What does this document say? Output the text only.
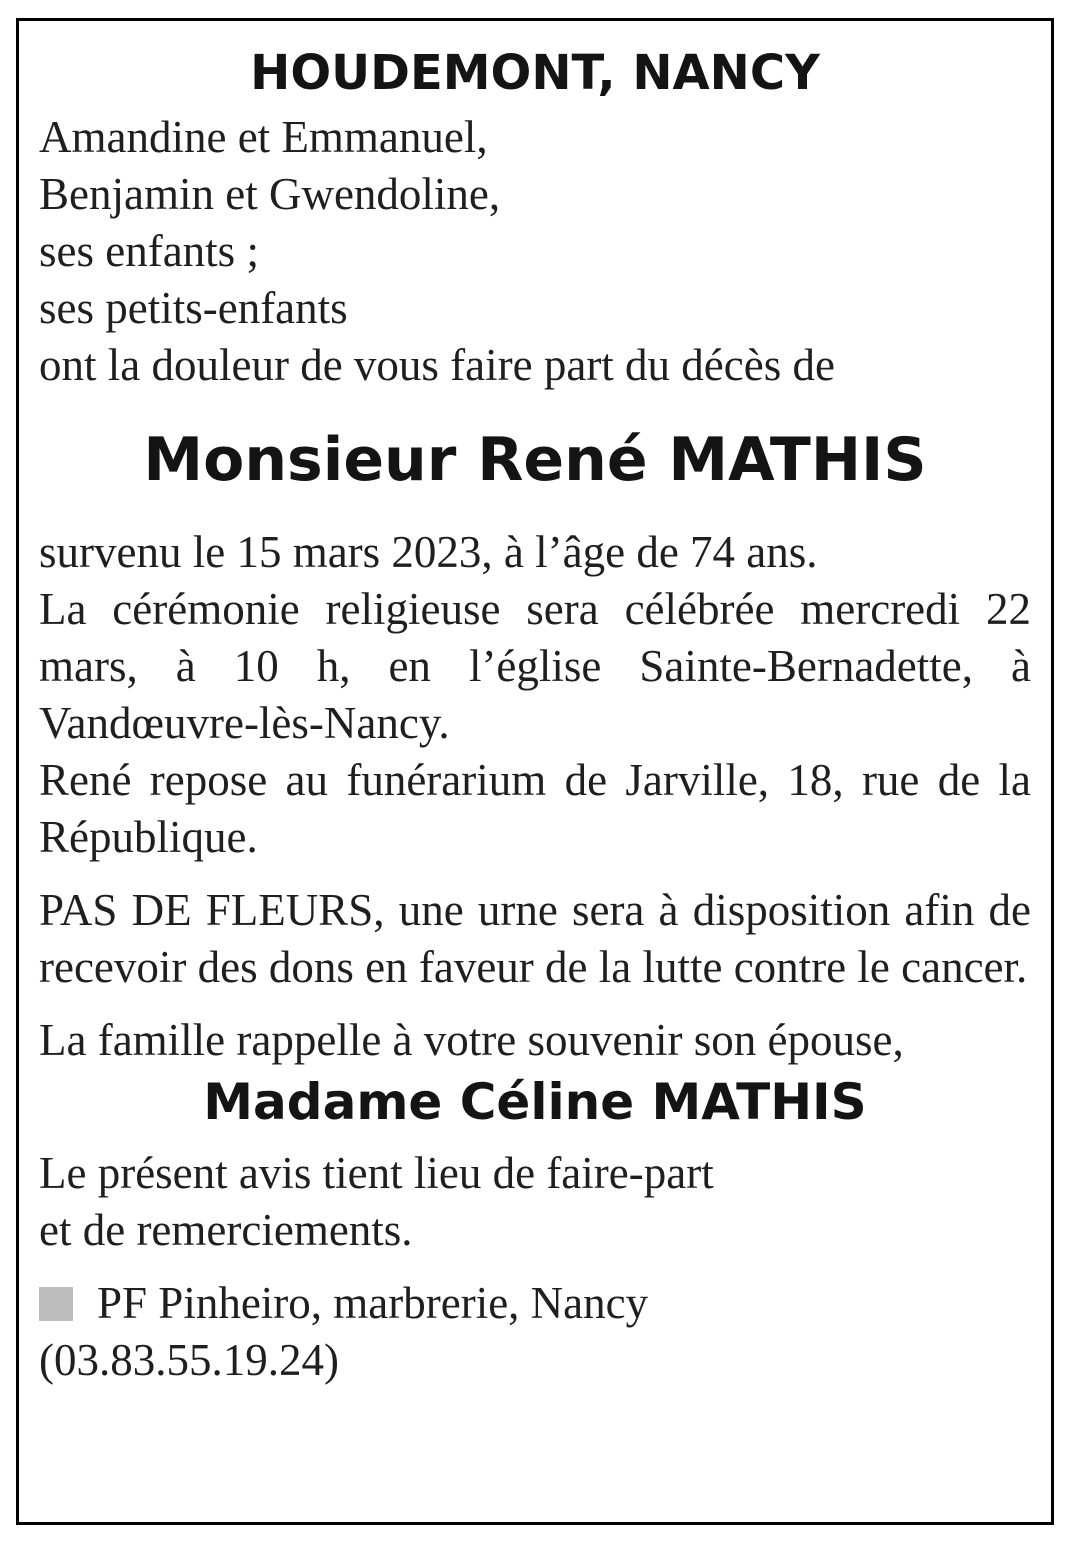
HOUDEMONT, NANCY
Amandine et Emmanuel,
Benjamin et Gwendoline,
ses enfants ;
ses petits-enfants
ont la douleur de vous faire part du décès de
Monsieur René MATHIS
survenu le 15 mars 2023, à l’âge de 74 ans.
La cérémonie religieuse sera célébrée mercredi 22 mars, à 10 h, en l’église Sainte-Bernadette, à Vandœuvre-lès-Nancy.
René repose au funérarium de Jarville, 18, rue de la République.
PAS DE FLEURS, une urne sera à disposition afin de recevoir des dons en faveur de la lutte contre le cancer.
La famille rappelle à votre souvenir son épouse,
Madame Céline MATHIS
Le présent avis tient lieu de faire-part
et de remerciements.
PF Pinheiro, marbrerie, Nancy
(03.83.55.19.24)
